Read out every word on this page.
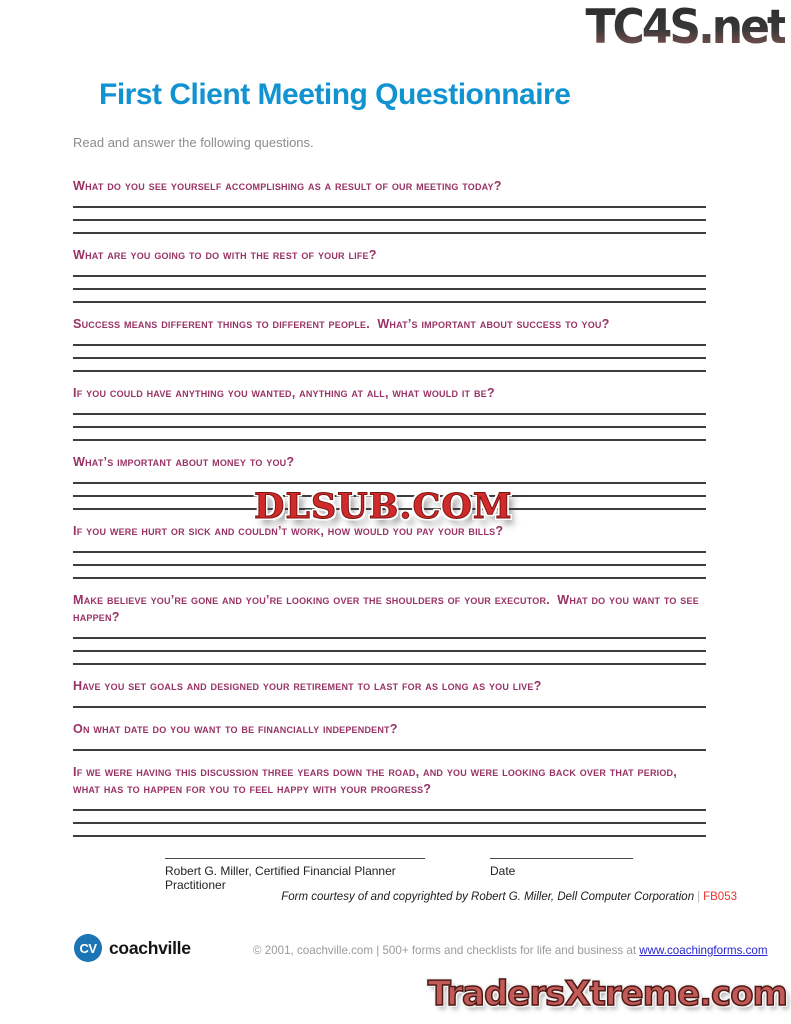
TC4S.net
First Client Meeting Questionnaire
Read and answer the following questions.
What do you see yourself accomplishing as a result of our meeting today?
What are you going to do with the rest of your life?
Success means different things to different people.  What’s important about success to you?
If you could have anything you wanted, anything at all, what would it be?
What’s important about money to you?
If you were hurt or sick and couldn’t work, how would you pay your bills?
Make believe you’re gone and you’re looking over the shoulders of your executor.  What do you want to see happen?
Have you set goals and designed your retirement to last for as long as you live?
On what date do you want to be financially independent?
If we were having this discussion three years down the road, and you were looking back over that period, what has to happen for you to feel happy with your progress?
DLSUB.COM
Robert G. Miller, Certified Financial Planner Practitioner
Date
Form courtesy of and copyrighted by Robert G. Miller, Dell Computer Corporation | FB053
CV coachville	© 2001, coachville.com | 500+ forms and checklists for life and business at www.coachingforms.com
TradersXtreme.com
